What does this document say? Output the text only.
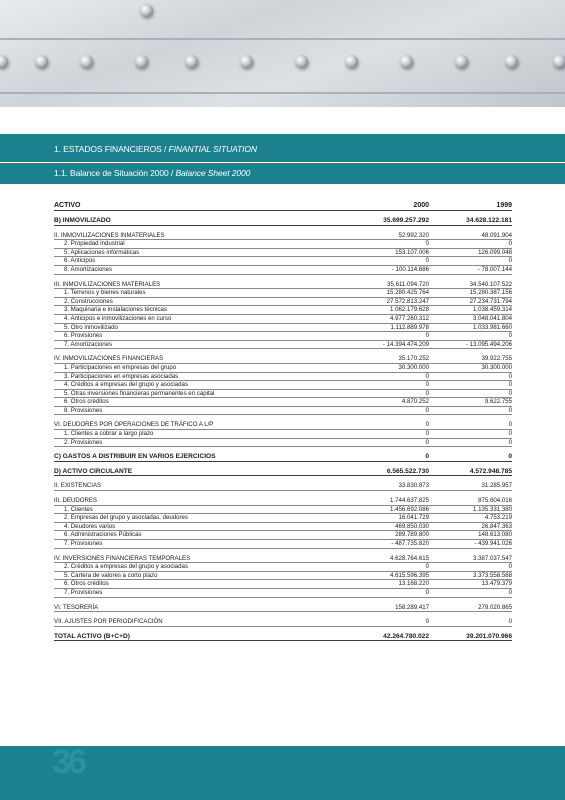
1. ESTADOS FINANCIEROS / FINANTIAL SITUATION
1.1. Balance de Situación 2000 / Balance Sheet 2000
ACTIVO	2000	1999
B) INMOVILIZADO	35.699.257.292	34.628.122.181
II. INMOVILIZACIONES INMATERIALES	52.992.320	48.091.904
2. Propiedad industrial	0	0
5. Aplicaciones informáticas	153.107.006	126.099.048
6. Anticipos	0	0
8. Amortizaciones	- 100.114.686	- 78.007.144
III. INMOVILIZACIONES MATERIALES	35.611.094.720	34.540.107.522
1. Terrenos y bienes naturales	15.280.425.764	15.280.387.156
2. Construcciones	27.572.813.247	27.234.731.794
3. Maquinaria e instalaciones técnicas	1.062.179.628	1.038.459.314
4. Anticipos e inmovilizaciones en curso	4.977.260.312	3.048.041.804
5. Otro inmovilizado	1.112.889.978	1.033.981.660
6. Provisiones	0	0
7. Amortizaciones	- 14.394.474.209	- 13.095.494.206
IV. INMOVILIZACIONES FINANCIERAS	35.170.252	39.922.755
1. Participaciones en empresas del grupo	30.300.000	30.300.000
3. Participaciones en empresas asociadas	0	0
4. Créditos a empresas del grupo y asociadas	0	0
5. Otras inversiones financieras permanentes en capital	0	0
6. Otros créditos	4.870.252	9.622.755
8. Provisiones	0	0
VI. DEUDORES POR OPERACIONES DE TRÁFICO A L/P	0	0
1. Clientes a cobrar a largo plazo	0	0
2. Provisiones	0	0
C) GASTOS A DISTRIBUIR EN VARIOS EJERCICIOS	0	0
D) ACTIVO CIRCULANTE	6.565.522.730	4.572.948.785
II. EXISTENCIAS	33.830.873	31.285.957
III. DEUDORES	1.744.637.825	875.604.016
1. Clientes	1.456.692.086	1.135.331.380
2. Empresas del grupo y asociadas, deudores	16.041.729	4.753.219
4. Deudores varios	469.850.030	26.847.363
6. Administraciones Públicas	289.789.800	148.613.080
7. Provisiones	- 487.735.820	- 439.941.026
IV. INVERSIONES FINANCIERAS TEMPORALES	4.628.764.615	3.387.037.547
2. Créditos a empresas del grupo y asociadas	0	0
5. Cartera de valores a corto plazo	4.615.596.395	3.373.558.568
6. Otros créditos	13.168.220	13.479.379
7. Provisiones	0	0
VI. TESORERÍA	158.289.417	279.020.865
VII. AJUSTES POR PERIODIFICACIÓN	0	0
TOTAL ACTIVO (B+C+D)	42.264.780.022	39.201.070.966
36
